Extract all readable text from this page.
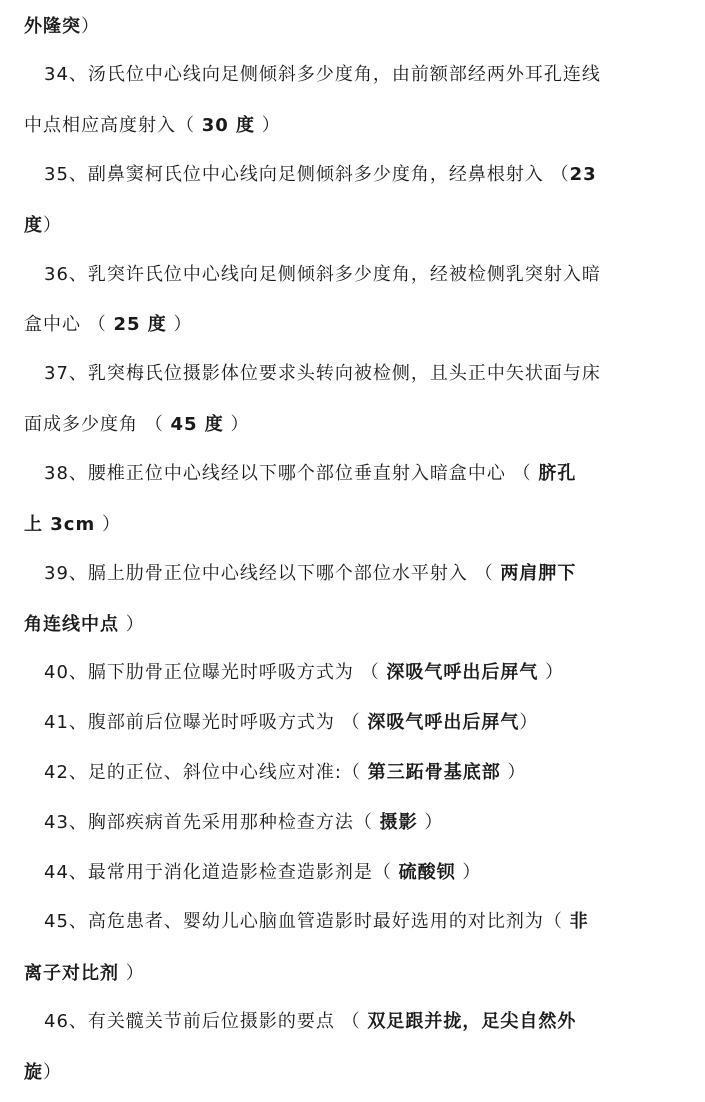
外隆突）
34、汤氏位中心线向足侧倾斜多少度角，由前额部经两外耳孔连线
中点相应高度射入（ 30 度 ）
35、副鼻窦柯氏位中心线向足侧倾斜多少度角，经鼻根射入 （23
度）
36、乳突许氏位中心线向足侧倾斜多少度角，经被检侧乳突射入暗
盒中心 （ 25 度 ）
37、乳突梅氏位摄影体位要求头转向被检侧，且头正中矢状面与床
面成多少度角 （ 45 度 ）
38、腰椎正位中心线经以下哪个部位垂直射入暗盒中心 （ 脐孔
上 3cm ）
39、膈上肋骨正位中心线经以下哪个部位水平射入 （ 两肩胛下
角连线中点 ）
40、膈下肋骨正位曝光时呼吸方式为 （ 深吸气呼出后屏气 ）
41、腹部前后位曝光时呼吸方式为 （ 深吸气呼出后屏气）
42、足的正位、斜位中心线应对准:（ 第三跖骨基底部 ）
43、胸部疾病首先采用那种检查方法（ 摄影 ）
44、最常用于消化道造影检查造影剂是（ 硫酸钡 ）
45、高危患者、婴幼儿心脑血管造影时最好选用的对比剂为（ 非
离子对比剂 ）
46、有关髋关节前后位摄影的要点 （ 双足跟并拢，足尖自然外
旋）
